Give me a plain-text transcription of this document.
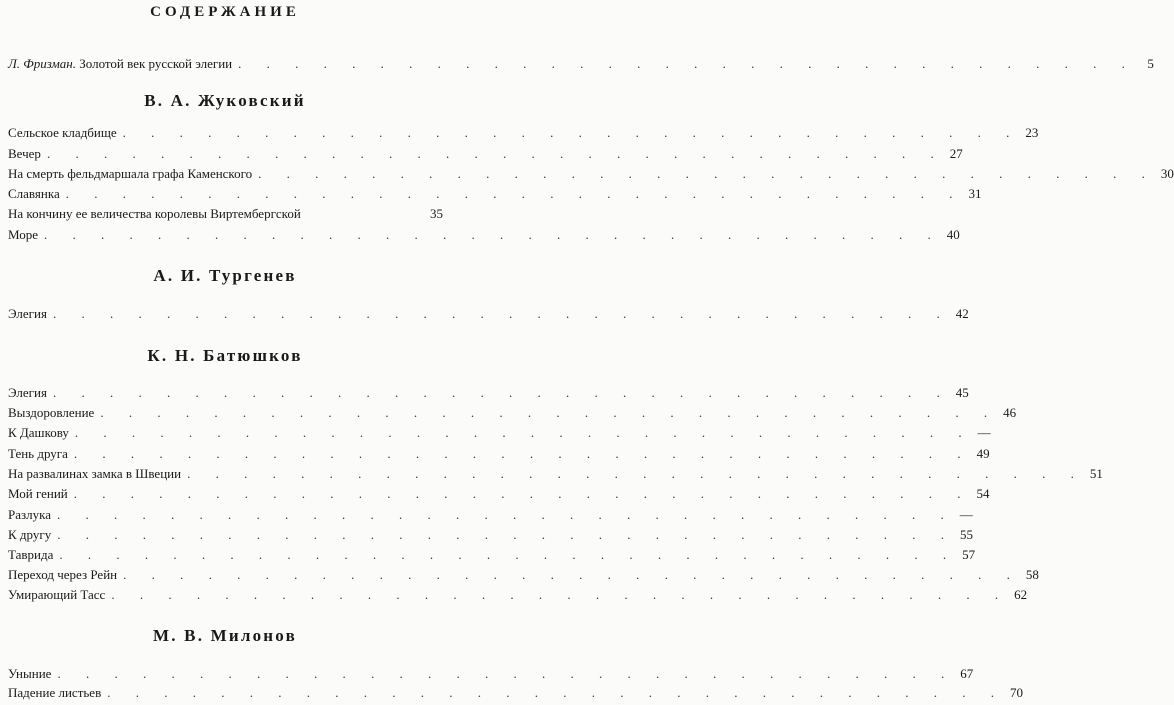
СОДЕРЖАНИЕ
Л. Фризман. Золотой век русской элегии . . . . . . . . . . . . . . . . . . . . . . . . . . . . . . . . 5
В. А. Жуковский
Сельское кладбище . . . . . . . . . . . . . . . . . . . . . . . . . . . . . . . . 23
Вечер . . . . . . . . . . . . . . . . . . . . . . . . . . . . . . . . 27
На смерть фельдмаршала графа Каменского . . . . . . . . . . . . . . . . . . . . . . . . . . . . . . . . 30
Славянка . . . . . . . . . . . . . . . . . . . . . . . . . . . . . . . . 31
На кончину ее величества королевы Виртембергской	35
Море . . . . . . . . . . . . . . . . . . . . . . . . . . . . . . . . 40
А. И. Тургенев
Элегия . . . . . . . . . . . . . . . . . . . . . . . . . . . . . . . . 42
К. Н. Батюшков
Элегия . . . . . . . . . . . . . . . . . . . . . . . . . . . . . . . . 45
Выздоровление . . . . . . . . . . . . . . . . . . . . . . . . . . . . . . . . 46
К Дашкову . . . . . . . . . . . . . . . . . . . . . . . . . . . . . . . . —
Тень друга . . . . . . . . . . . . . . . . . . . . . . . . . . . . . . . . 49
На развалинах замка в Швеции . . . . . . . . . . . . . . . . . . . . . . . . . . . . . . . . 51
Мой гений . . . . . . . . . . . . . . . . . . . . . . . . . . . . . . . . 54
Разлука . . . . . . . . . . . . . . . . . . . . . . . . . . . . . . . . —
К другу . . . . . . . . . . . . . . . . . . . . . . . . . . . . . . . . 55
Таврида . . . . . . . . . . . . . . . . . . . . . . . . . . . . . . . . 57
Переход через Рейн . . . . . . . . . . . . . . . . . . . . . . . . . . . . . . . . 58
Умирающий Тасс . . . . . . . . . . . . . . . . . . . . . . . . . . . . . . . . 62
М. В. Милонов
Уныние . . . . . . . . . . . . . . . . . . . . . . . . . . . . . . . . 67
Падение листьев . . . . . . . . . . . . . . . . . . . . . . . . . . . . . . . . 70
